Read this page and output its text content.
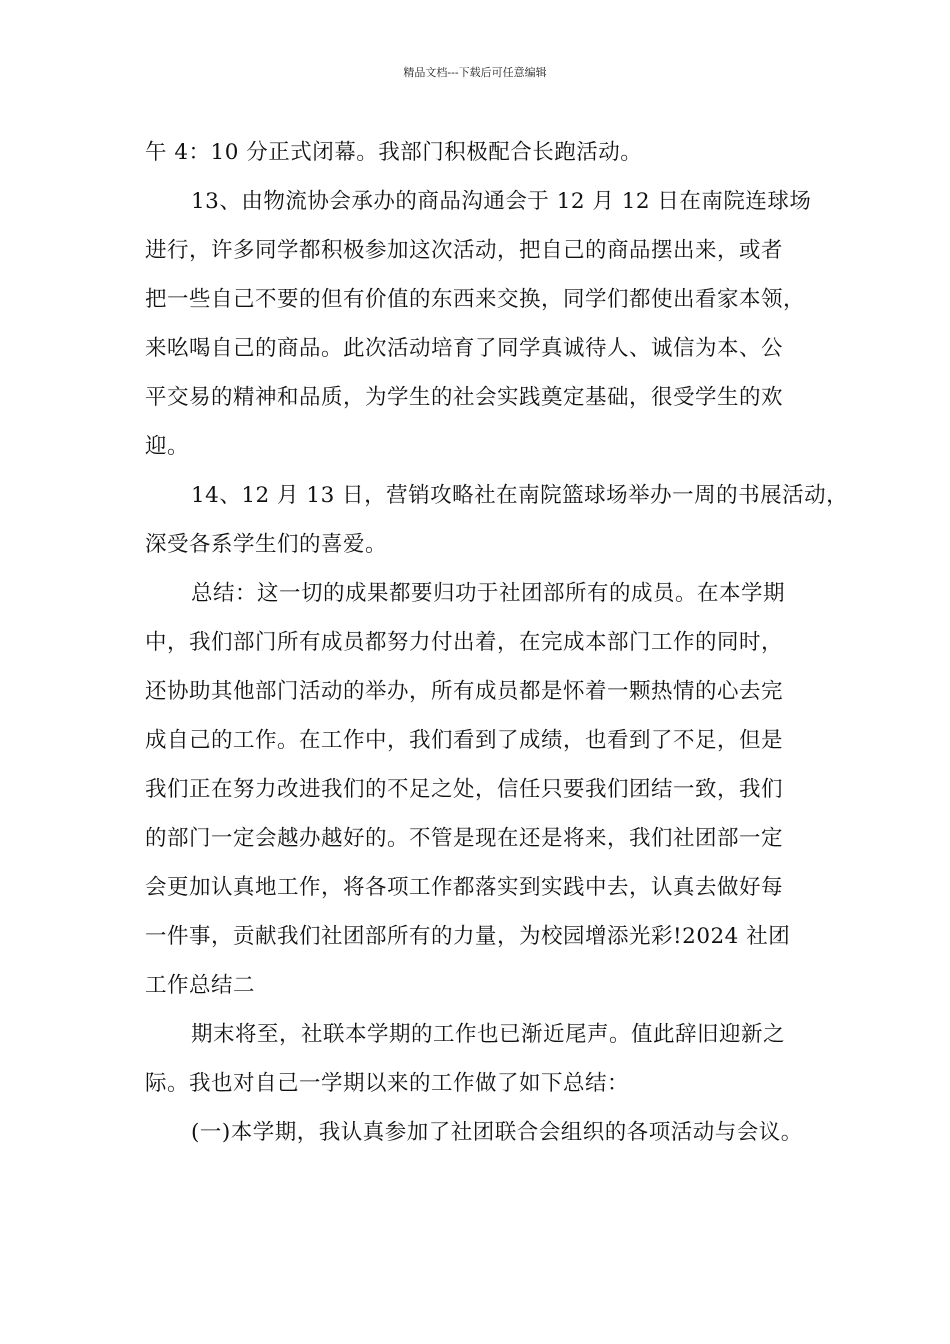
精品文档---下载后可任意编辑

午 4：10 分正式闭幕。我部门积极配合长跑活动。

13、由物流协会承办的商品沟通会于 12 月 12 日在南院连球场
进行，许多同学都积极参加这次活动，把自己的商品摆出来，或者
把一些自己不要的但有价值的东西来交换，同学们都使出看家本领，
来吆喝自己的商品。此次活动培育了同学真诚待人、诚信为本、公
平交易的精神和品质，为学生的社会实践奠定基础，很受学生的欢
迎。

14、12 月 13 日，营销攻略社在南院篮球场举办一周的书展活动，
深受各系学生们的喜爱。

总结：这一切的成果都要归功于社团部所有的成员。在本学期
中，我们部门所有成员都努力付出着，在完成本部门工作的同时，
还协助其他部门活动的举办，所有成员都是怀着一颗热情的心去完
成自己的工作。在工作中，我们看到了成绩，也看到了不足，但是
我们正在努力改进我们的不足之处，信任只要我们团结一致，我们
的部门一定会越办越好的。不管是现在还是将来，我们社团部一定
会更加认真地工作，将各项工作都落实到实践中去，认真去做好每
一件事，贡献我们社团部所有的力量，为校园增添光彩!2024 社团
工作总结二

期末将至，社联本学期的工作也已渐近尾声。值此辞旧迎新之
际。我也对自己一学期以来的工作做了如下总结：

(一)本学期，我认真参加了社团联合会组织的各项活动与会议。
